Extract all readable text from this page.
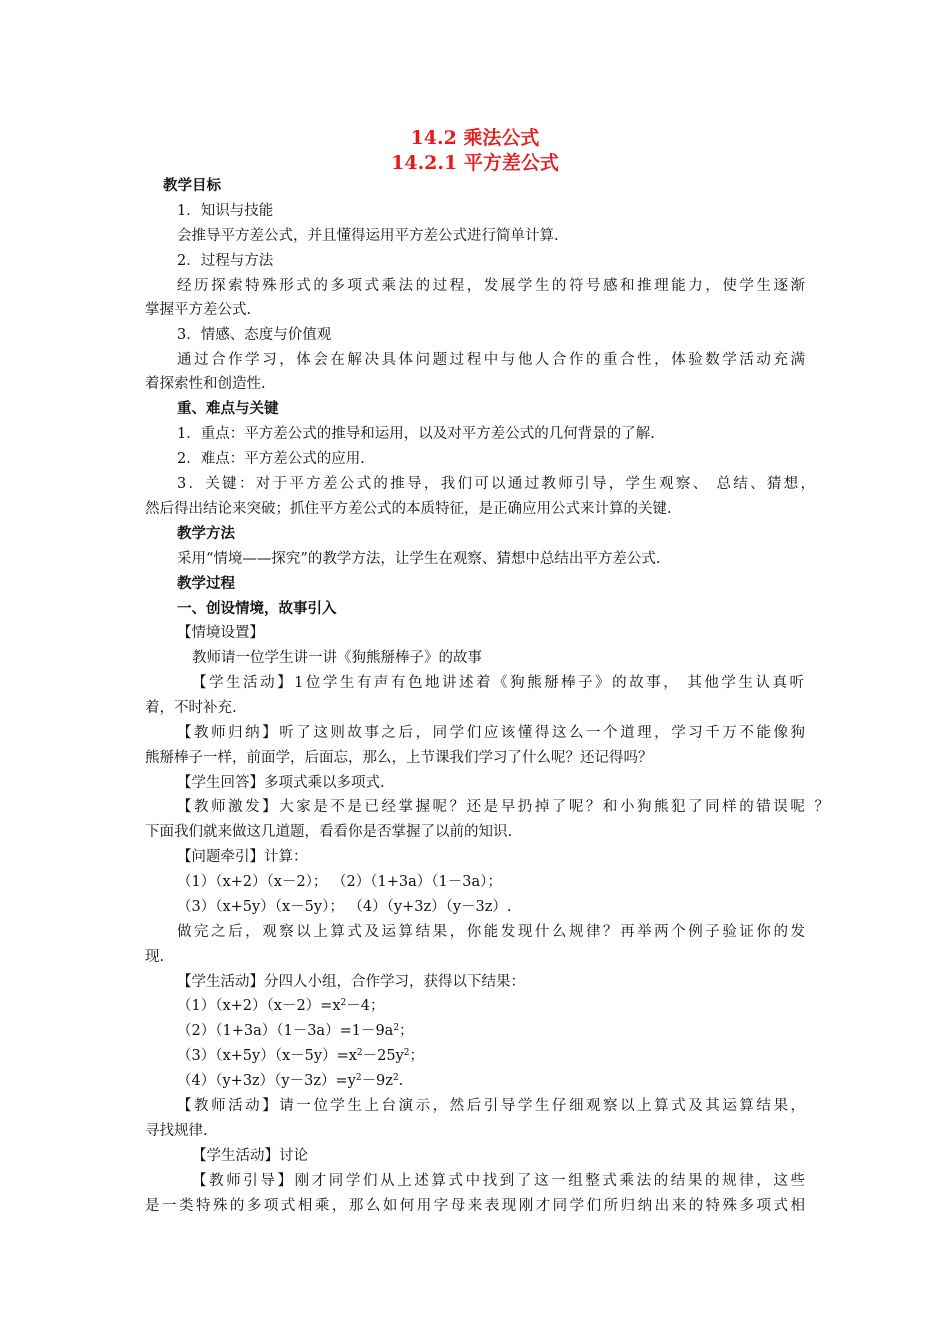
14.2 乘法公式
14.2.1 平方差公式
教学目标
1．知识与技能
会推导平方差公式，并且懂得运用平方差公式进行简单计算.
2．过程与方法
经历探索特殊形式的多项式乘法的过程，发展学生的符号感和推理能力，使学生逐渐
掌握平方差公式.
3．情感、态度与价值观
通过合作学习，体会在解决具体问题过程中与他人合作的重合性，体验数学活动充满
着探索性和创造性.
重、难点与关键
1．重点：平方差公式的推导和运用，以及对平方差公式的几何背景的了解.
2．难点：平方差公式的应用.
3．关键：对于平方差公式的推导，我们可以通过教师引导，学生观察、 总结、猜想，
然后得出结论来突破；抓住平方差公式的本质特征，是正确应用公式来计算的关键.
教学方法
采用“情境——探究”的教学方法，让学生在观察、猜想中总结出平方差公式.
教学过程
一、创设情境，故事引入
【情境设置】
教师请一位学生讲一讲《狗熊掰棒子》的故事
【学生活动】1位学生有声有色地讲述着《狗熊掰棒子》的故事， 其他学生认真听
着，不时补充.
【教师归纳】听了这则故事之后，同学们应该懂得这么一个道理，学习千万不能像狗
熊掰棒子一样，前面学，后面忘，那么，上节课我们学习了什么呢？还记得吗？
【学生回答】多项式乘以多项式.
【教师激发】大家是不是已经掌握呢？还是早扔掉了呢？和小狗熊犯了同样的错误呢 ？
下面我们就来做这几道题，看看你是否掌握了以前的知识.
【问题牵引】计算：
（1）（x+2）（x－2）； （2）（1+3a）（1－3a）；
（3）（x+5y）（x－5y）； （4）（y+3z）（y－3z）.
做完之后，观察以上算式及运算结果，你能发现什么规律？再举两个例子验证你的发
现.
【学生活动】分四人小组，合作学习，获得以下结果：
$(1)(x+2)(x-2)=x^2-4$；
$(2)(1+3a)(1-3a)=1-9a^2$；
$(3)(x+5y)(x-5y)=x^2-25y^2$；
$(4)(y+3z)(y-3z)=y^2-9z^2$.
【教师活动】请一位学生上台演示，然后引导学生仔细观察以上算式及其运算结果，
寻找规律.
【学生活动】讨论
【教师引导】刚才同学们从上述算式中找到了这一组整式乘法的结果的规律，这些
是一类特殊的多项式相乘，那么如何用字母来表现刚才同学们所归纳出来的特殊多项式相
